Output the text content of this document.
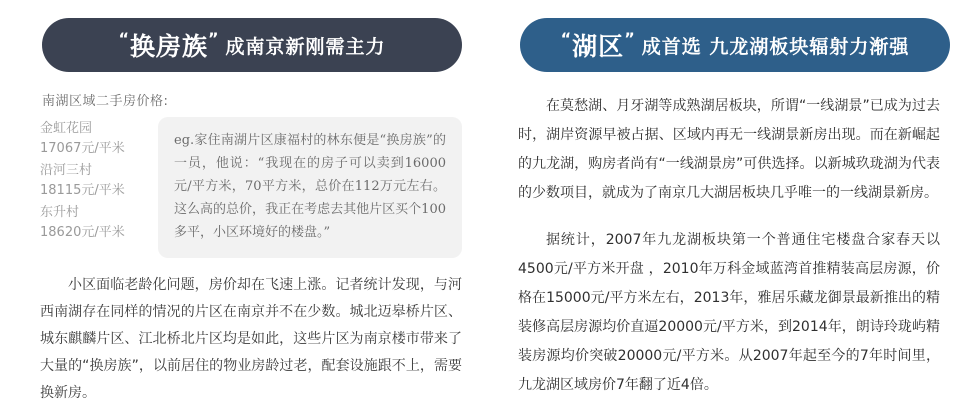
“换房族” 成南京新刚需主力
南湖区域二手房价格:
金虹花园
17067元/平米
沿河三村
18115元/平米
东升村
18620元/平米

eg.家住南湖片区康福村的林东便是“换房族”的一员，他说：“我现在的房子可以卖到16000元/平方米，70平方米，总价在112万元左右。这么高的总价，我正在考虑去其他片区买个100多平，小区环境好的楼盘。”

小区面临老龄化问题，房价却在飞速上涨。记者统计发现，与河西南湖存在同样的情况的片区在南京并不在少数。城北迈皋桥片区、城东麒麟片区、江北桥北片区均是如此，这些片区为南京楼市带来了大量的“换房族”，以前居住的物业房龄过老，配套设施跟不上，需要换新房。

“湖区” 成首选 九龙湖板块辐射力渐强

在莫愁湖、月牙湖等成熟湖居板块，所谓“一线湖景”已成为过去时，湖岸资源早被占据、区域内再无一线湖景新房出现。而在新崛起的九龙湖，购房者尚有“一线湖景房”可供选择。以新城玖珑湖为代表的少数项目，就成为了南京几大湖居板块几乎唯一的一线湖景新房。

据统计，2007年九龙湖板块第一个普通住宅楼盘合家春天以4500元/平方米开盘 ，2010年万科金域蓝湾首推精装高层房源，价格在15000元/平方米左右，2013年，雅居乐藏龙御景最新推出的精装修高层房源均价直逼20000元/平方米，到2014年，朗诗玲珑屿精装房源均价突破20000元/平方米。从2007年起至今的7年时间里，九龙湖区域房价7年翻了近4倍。
